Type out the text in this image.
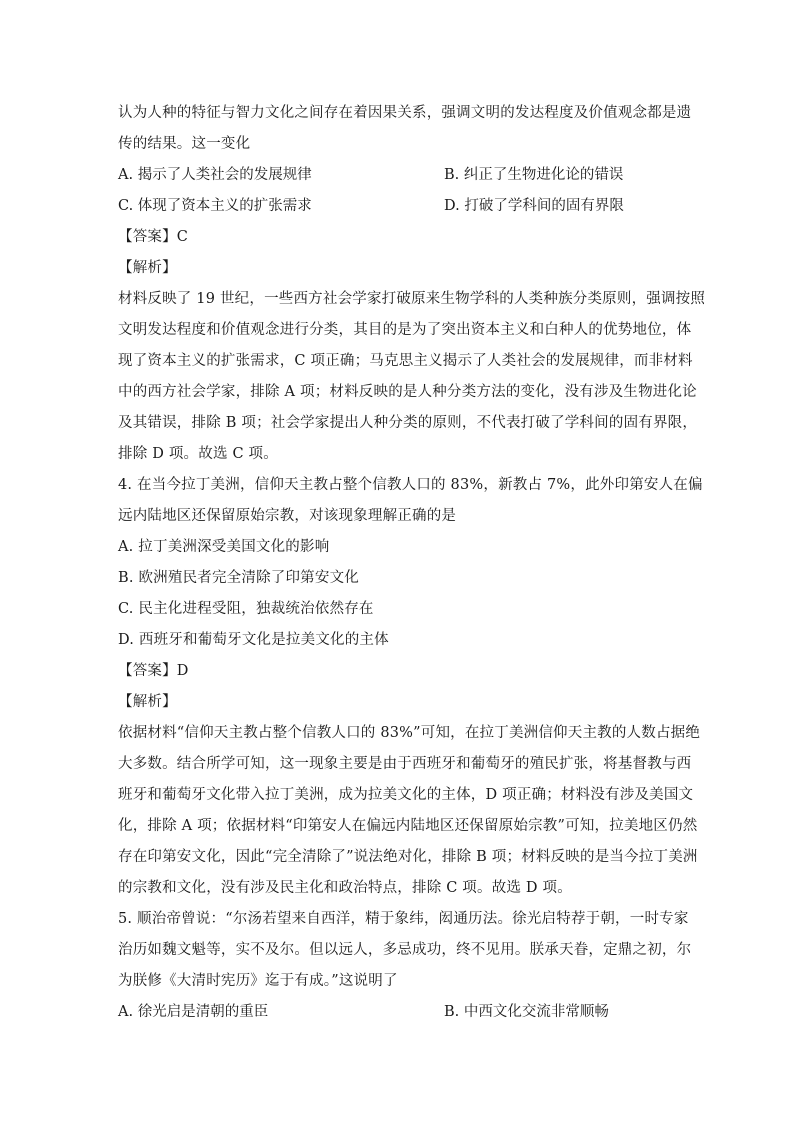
认为人种的特征与智力文化之间存在着因果关系，强调文明的发达程度及价值观念都是遗
传的结果。这一变化
A. 揭示了人类社会的发展规律	B. 纠正了生物进化论的错误
C. 体现了资本主义的扩张需求	D. 打破了学科间的固有界限
【答案】C
【解析】
材料反映了 19 世纪，一些西方社会学家打破原来生物学科的人类种族分类原则，强调按照
文明发达程度和价值观念进行分类，其目的是为了突出资本主义和白种人的优势地位，体
现了资本主义的扩张需求，C 项正确；马克思主义揭示了人类社会的发展规律，而非材料
中的西方社会学家，排除 A 项；材料反映的是人种分类方法的变化，没有涉及生物进化论
及其错误，排除 B 项；社会学家提出人种分类的原则，不代表打破了学科间的固有界限，
排除 D 项。故选 C 项。
4. 在当今拉丁美洲，信仰天主教占整个信教人口的 83%，新教占 7%，此外印第安人在偏
远内陆地区还保留原始宗教，对该现象理解正确的是
A. 拉丁美洲深受美国文化的影响
B. 欧洲殖民者完全清除了印第安文化
C. 民主化进程受阻，独裁统治依然存在
D. 西班牙和葡萄牙文化是拉美文化的主体
【答案】D
【解析】
依据材料“信仰天主教占整个信教人口的 83%”可知，在拉丁美洲信仰天主教的人数占据绝
大多数。结合所学可知，这一现象主要是由于西班牙和葡萄牙的殖民扩张，将基督教与西
班牙和葡萄牙文化带入拉丁美洲，成为拉美文化的主体，D 项正确；材料没有涉及美国文
化，排除 A 项；依据材料“印第安人在偏远内陆地区还保留原始宗教”可知，拉美地区仍然
存在印第安文化，因此“完全清除了”说法绝对化，排除 B 项；材料反映的是当今拉丁美洲
的宗教和文化，没有涉及民主化和政治特点，排除 C 项。故选 D 项。
5. 顺治帝曾说：“尔汤若望来自西洋，精于象纬，闳通历法。徐光启特荐于朝，一时专家
治历如魏文魁等，实不及尔。但以远人，多忌成功，终不见用。朕承天眷，定鼎之初，尔
为朕修《大清时宪历》迄于有成。”这说明了
A. 徐光启是清朝的重臣	B. 中西文化交流非常顺畅
